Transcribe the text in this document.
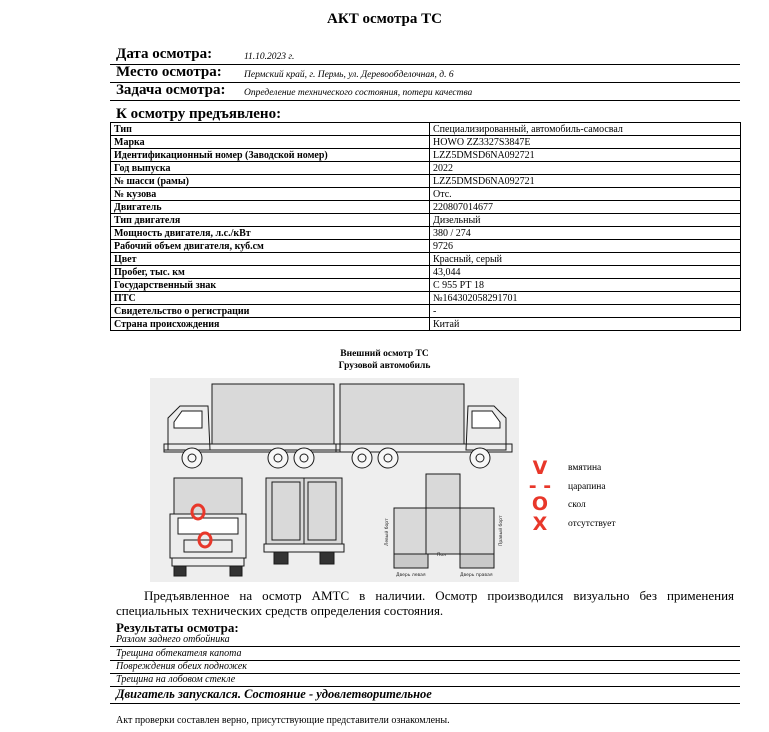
АКТ осмотра ТС
Дата осмотра:	11.10.2023 г.
Место осмотра: Пермский край, г. Пермь, ул. Деревообделочная, д. 6
Задача осмотра: Определение технического состояния, потери качества
К осмотру предъявлено:
Тип	Специализированный, автомобиль-самосвал
Марка	HOWO ZZ3327S3847E
Идентификационный номер (Заводской номер)	LZZ5DMSD6NA092721
Год выпуска	2022
№ шасси (рамы)	LZZ5DMSD6NA092721
№ кузова	Отс.
Двигатель	220807014677
Тип двигателя	Дизельный
Мощность двигателя, л.с./кВт	380 / 274
Рабочий объем двигателя, куб.см	9726
Цвет	Красный, серый
Пробег, тыс. км	43,044
Государственный знак	С 955 РТ 18
ПТС	№164302058291701
Свидетельство о регистрации	-
Страна происхождения	Китай
Внешний осмотр ТС
Грузовой автомобиль
Левый борт	Правый борт
Пол
Дверь левая	Дверь правая
V	вмятина
- - царапина
O	скол
X	отсутствует
Предъявленное на осмотр АМТС в наличии. Осмотр производился визуально без применения специальных технических средств определения состояния.
Результаты осмотра:
Разлом заднего отбойника
Трещина обтекателя капота
Повреждения обеих подножек
Трещина на лобовом стекле
Двигатель запускался. Состояние - удовлетворительное
Акт проверки составлен верно, присутствующие представители ознакомлены.
